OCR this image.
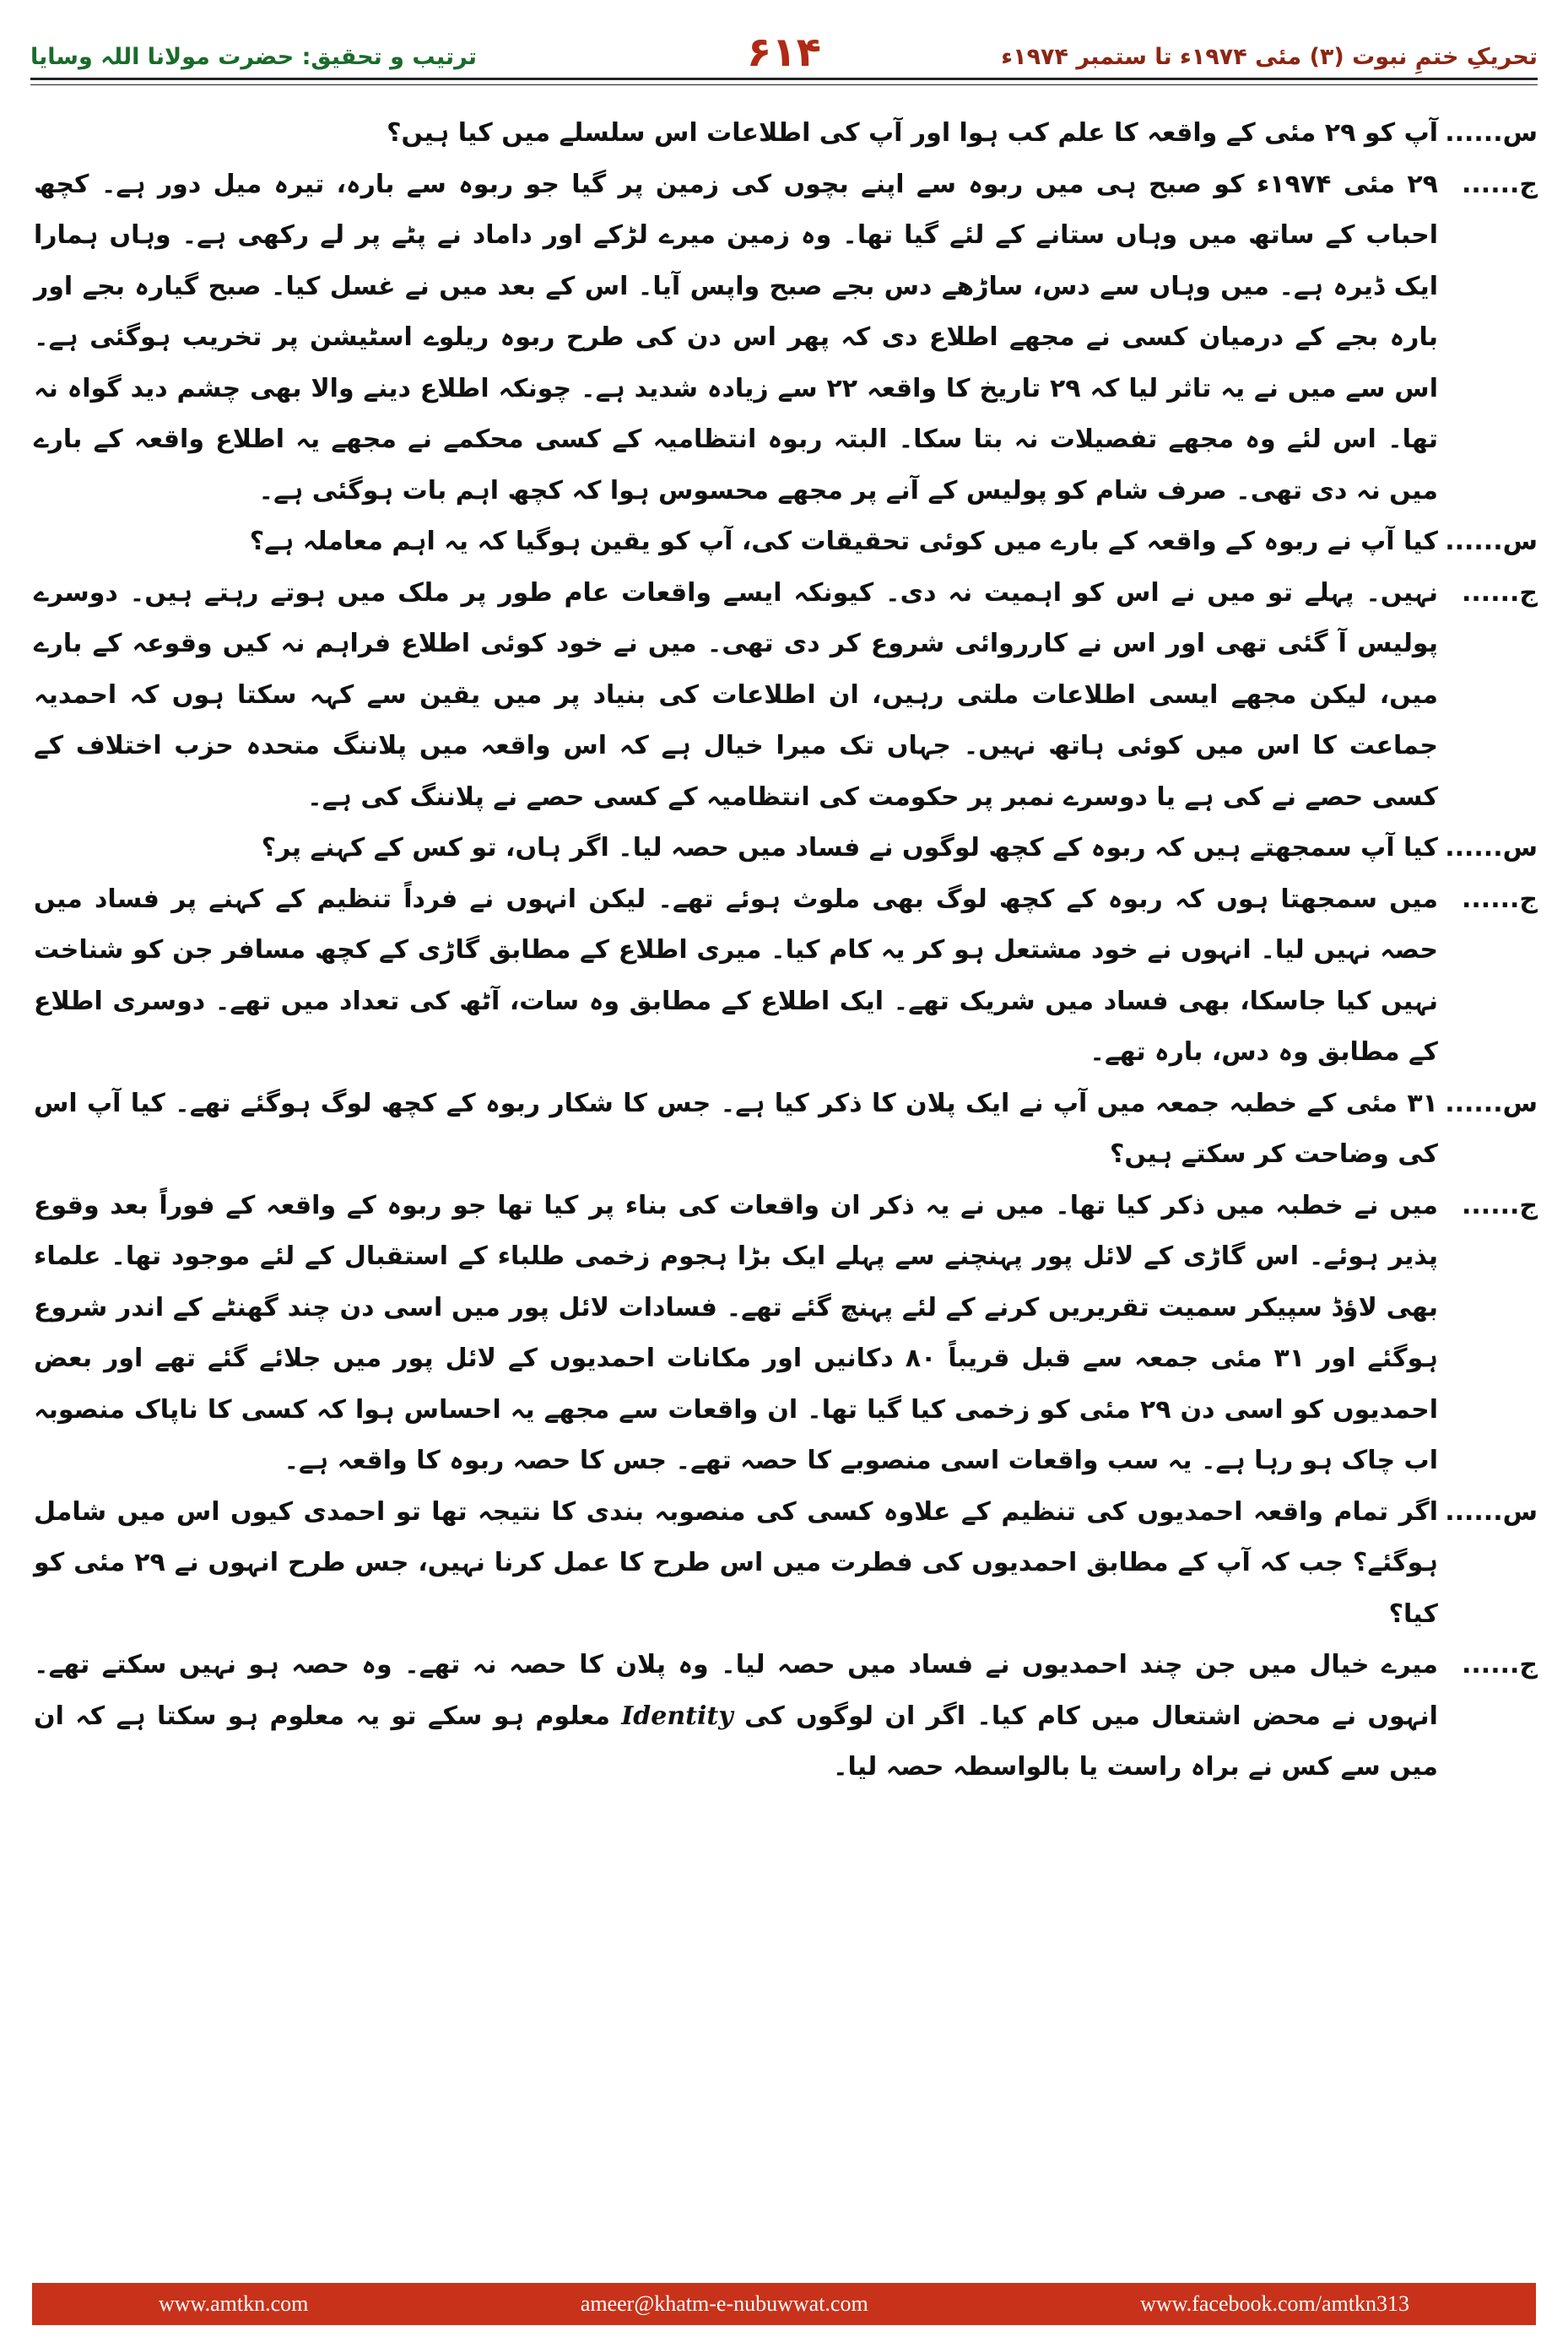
تحریکِ ختمِ نبوت (۳) مئی ۱۹۷۴ء تا ستمبر ۱۹۷۴ء
۶۱۴
ترتیب و تحقیق: حضرت مولانا اللہ وسایا
س......
آپ کو ۲۹ مئی کے واقعہ کا علم کب ہوا اور آپ کی اطلاعات اس سلسلے میں کیا ہیں؟
ج......
۲۹ مئی ۱۹۷۴ء کو صبح ہی میں ربوہ سے اپنے بچوں کی زمین پر گیا جو ربوہ سے بارہ، تیرہ میل دور ہے۔ کچھ احباب کے ساتھ میں وہاں ستانے کے لئے گیا تھا۔ وہ زمین میرے لڑکے اور داماد نے پٹے پر لے رکھی ہے۔ وہاں ہمارا ایک ڈیرہ ہے۔ میں وہاں سے دس، ساڑھے دس بجے صبح واپس آیا۔ اس کے بعد میں نے غسل کیا۔ صبح گیارہ بجے اور بارہ بجے کے درمیان کسی نے مجھے اطلاع دی کہ پھر اس دن کی طرح ربوہ ریلوے اسٹیشن پر تخریب ہوگئی ہے۔ اس سے میں نے یہ تاثر لیا کہ ۲۹ تاریخ کا واقعہ ۲۲ سے زیادہ شدید ہے۔ چونکہ اطلاع دینے والا بھی چشم دید گواہ نہ تھا۔ اس لئے وہ مجھے تفصیلات نہ بتا سکا۔ البتہ ربوہ انتظامیہ کے کسی محکمے نے مجھے یہ اطلاع واقعہ کے بارے میں نہ دی تھی۔ صرف شام کو پولیس کے آنے پر مجھے محسوس ہوا کہ کچھ اہم بات ہوگئی ہے۔
س......
کیا آپ نے ربوہ کے واقعہ کے بارے میں کوئی تحقیقات کی، آپ کو یقین ہوگیا کہ یہ اہم معاملہ ہے؟
ج......
نہیں۔ پہلے تو میں نے اس کو اہمیت نہ دی۔ کیونکہ ایسے واقعات عام طور پر ملک میں ہوتے رہتے ہیں۔ دوسرے پولیس آ گئی تھی اور اس نے کارروائی شروع کر دی تھی۔ میں نے خود کوئی اطلاع فراہم نہ کیں وقوعہ کے بارے میں، لیکن مجھے ایسی اطلاعات ملتی رہیں، ان اطلاعات کی بنیاد پر میں یقین سے کہہ سکتا ہوں کہ احمدیہ جماعت کا اس میں کوئی ہاتھ نہیں۔ جہاں تک میرا خیال ہے کہ اس واقعہ میں پلاننگ متحدہ حزب اختلاف کے کسی حصے نے کی ہے یا دوسرے نمبر پر حکومت کی انتظامیہ کے کسی حصے نے پلاننگ کی ہے۔
س......
کیا آپ سمجھتے ہیں کہ ربوہ کے کچھ لوگوں نے فساد میں حصہ لیا۔ اگر ہاں، تو کس کے کہنے پر؟
ج......
میں سمجھتا ہوں کہ ربوہ کے کچھ لوگ بھی ملوث ہوئے تھے۔ لیکن انہوں نے فرداً تنظیم کے کہنے پر فساد میں حصہ نہیں لیا۔ انہوں نے خود مشتعل ہو کر یہ کام کیا۔ میری اطلاع کے مطابق گاڑی کے کچھ مسافر جن کو شناخت نہیں کیا جاسکا، بھی فساد میں شریک تھے۔ ایک اطلاع کے مطابق وہ سات، آٹھ کی تعداد میں تھے۔ دوسری اطلاع کے مطابق وہ دس، بارہ تھے۔
س......
۳۱ مئی کے خطبہ جمعہ میں آپ نے ایک پلان کا ذکر کیا ہے۔ جس کا شکار ربوہ کے کچھ لوگ ہوگئے تھے۔ کیا آپ اس کی وضاحت کر سکتے ہیں؟
ج......
میں نے خطبہ میں ذکر کیا تھا۔ میں نے یہ ذکر ان واقعات کی بناء پر کیا تھا جو ربوہ کے واقعہ کے فوراً بعد وقوع پذیر ہوئے۔ اس گاڑی کے لائل پور پہنچنے سے پہلے ایک بڑا ہجوم زخمی طلباء کے استقبال کے لئے موجود تھا۔ علماء بھی لاؤڈ سپیکر سمیت تقریریں کرنے کے لئے پہنچ گئے تھے۔ فسادات لائل پور میں اسی دن چند گھنٹے کے اندر شروع ہوگئے اور ۳۱ مئی جمعہ سے قبل قریباً ۸۰ دکانیں اور مکانات احمدیوں کے لائل پور میں جلائے گئے تھے اور بعض احمدیوں کو اسی دن ۲۹ مئی کو زخمی کیا گیا تھا۔ ان واقعات سے مجھے یہ احساس ہوا کہ کسی کا ناپاک منصوبہ اب چاک ہو رہا ہے۔ یہ سب واقعات اسی منصوبے کا حصہ تھے۔ جس کا حصہ ربوہ کا واقعہ ہے۔
س......
اگر تمام واقعہ احمدیوں کی تنظیم کے علاوہ کسی کی منصوبہ بندی کا نتیجہ تھا تو احمدی کیوں اس میں شامل ہوگئے؟ جب کہ آپ کے مطابق احمدیوں کی فطرت میں اس طرح کا عمل کرنا نہیں، جس طرح انہوں نے ۲۹ مئی کو کیا؟
ج......
میرے خیال میں جن چند احمدیوں نے فساد میں حصہ لیا۔ وہ پلان کا حصہ نہ تھے۔ وہ حصہ ہو نہیں سکتے تھے۔ انہوں نے محض اشتعال میں کام کیا۔ اگر ان لوگوں کی Identity معلوم ہو سکے تو یہ معلوم ہو سکتا ہے کہ ان میں سے کس نے براہ راست یا بالواسطہ حصہ لیا۔
www.amtkn.com	ameer@khatm-e-nubuwwat.com	www.facebook.com/amtkn313
